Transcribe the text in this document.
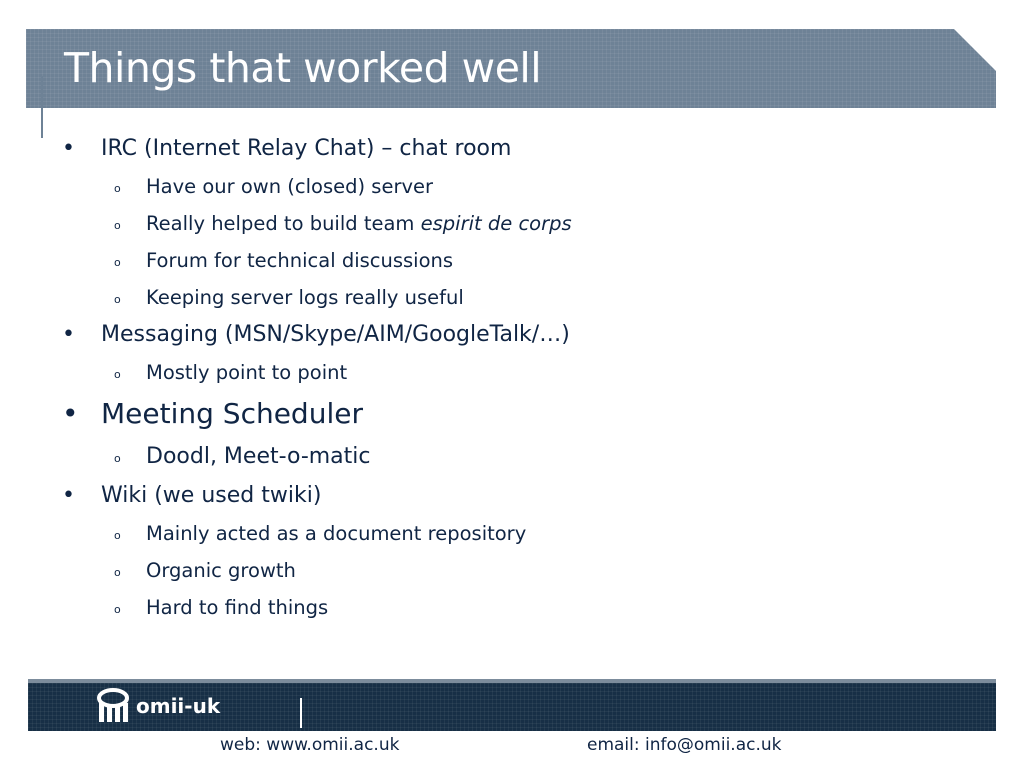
Things that worked well
• IRC (Internet Relay Chat) – chat room
o Have our own (closed) server
o Really helped to build team espirit de corps
o Forum for technical discussions
o Keeping server logs really useful
• Messaging (MSN/Skype/AIM/GoogleTalk/…)
o Mostly point to point
• Meeting Scheduler
o Doodl, Meet-o-matic
• Wiki (we used twiki)
o Mainly acted as a document repository
o Organic growth
o Hard to find things
omii-uk
web: www.omii.ac.uk	email: info@omii.ac.uk
